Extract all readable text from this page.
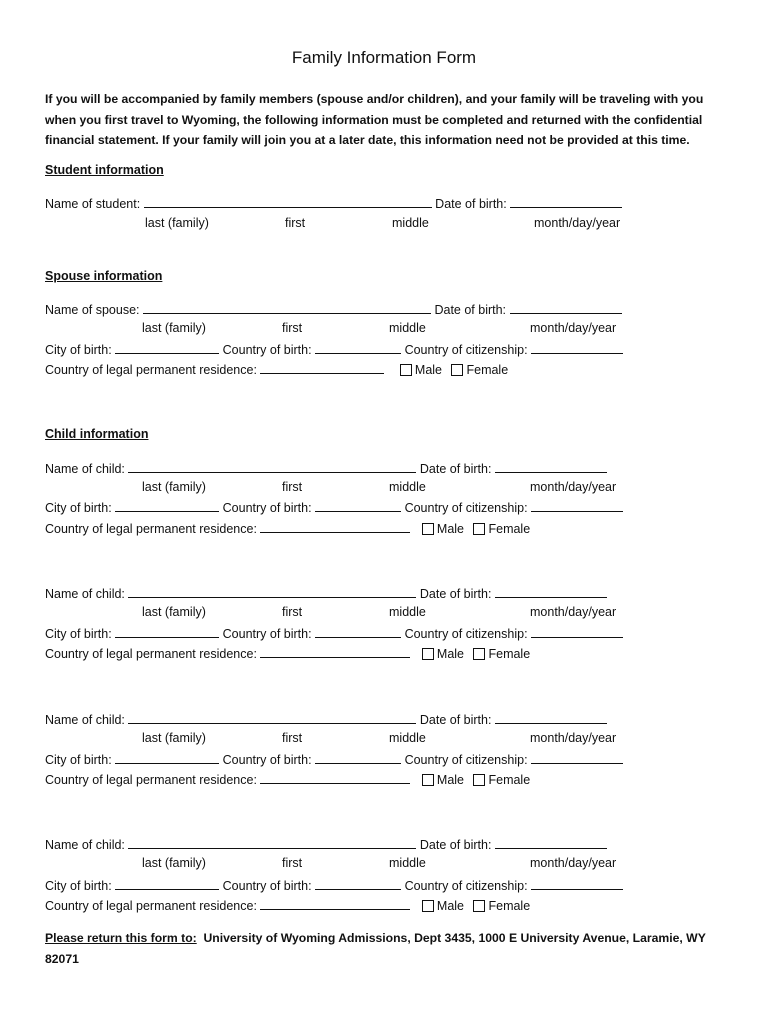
Family Information Form
If you will be accompanied by family members (spouse and/or children), and your family will be traveling with you when you first travel to Wyoming, the following information must be completed and returned with the confidential financial statement. If your family will join you at a later date, this information need not be provided at this time.
Student information
Name of student:	Date of birth:
last (family)	first	middle	month/day/year
Spouse information
Name of spouse:	Date of birth:
last (family)	first	middle	month/day/year
City of birth:	Country of birth:	Country of citizenship:
Country of legal permanent residence:	Male Female
Child information
Name of child:	Date of birth:
last (family)	first	middle	month/day/year
City of birth:	Country of birth:	Country of citizenship:
Country of legal permanent residence:	Male Female
Name of child:	Date of birth:
last (family)	first	middle	month/day/year
City of birth:	Country of birth:	Country of citizenship:
Country of legal permanent residence:	Male Female
Name of child:	Date of birth:
last (family)	first	middle	month/day/year
City of birth:	Country of birth:	Country of citizenship:
Country of legal permanent residence:	Male Female
Name of child:	Date of birth:
last (family)	first	middle	month/day/year
City of birth:	Country of birth:	Country of citizenship:
Country of legal permanent residence:	Male Female
Please return this form to: University of Wyoming Admissions, Dept 3435, 1000 E University Avenue, Laramie, WY 82071
